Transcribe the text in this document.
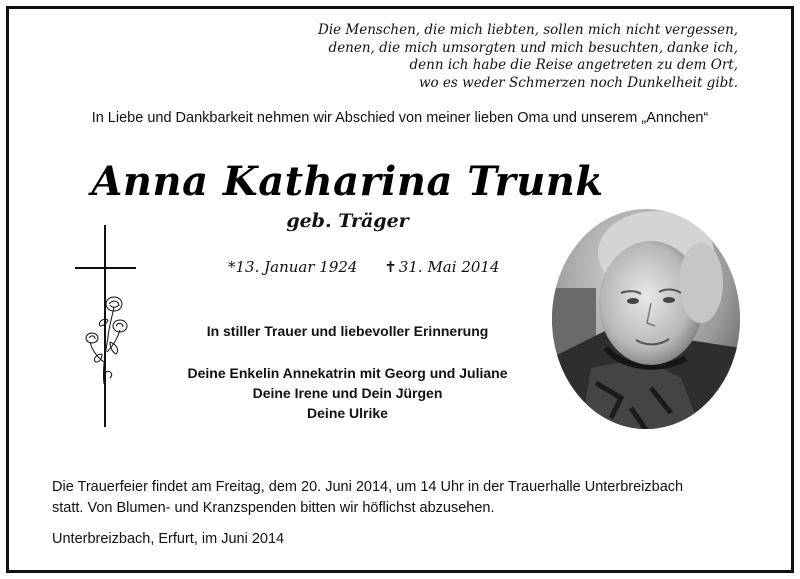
Die Menschen, die mich liebten, sollen mich nicht vergessen,
denen, die mich umsorgten und mich besuchten, danke ich,
denn ich habe die Reise angetreten zu dem Ort,
wo es weder Schmerzen noch Dunkelheit gibt.
In Liebe und Dankbarkeit nehmen wir Abschied von meiner lieben Oma und unserem „Annchen“
Anna Katharina Trunk
geb. Träger
*13. Januar 1924 ✝ 31. Mai 2014
In stiller Trauer und liebevoller Erinnerung
Deine Enkelin Annekatrin mit Georg und Juliane
Deine Irene und Dein Jürgen
Deine Ulrike
Die Trauerfeier findet am Freitag, dem 20. Juni 2014, um 14 Uhr in der Trauerhalle Unterbreizbach
statt. Von Blumen- und Kranzspenden bitten wir höflichst abzusehen.
Unterbreizbach, Erfurt, im Juni 2014
